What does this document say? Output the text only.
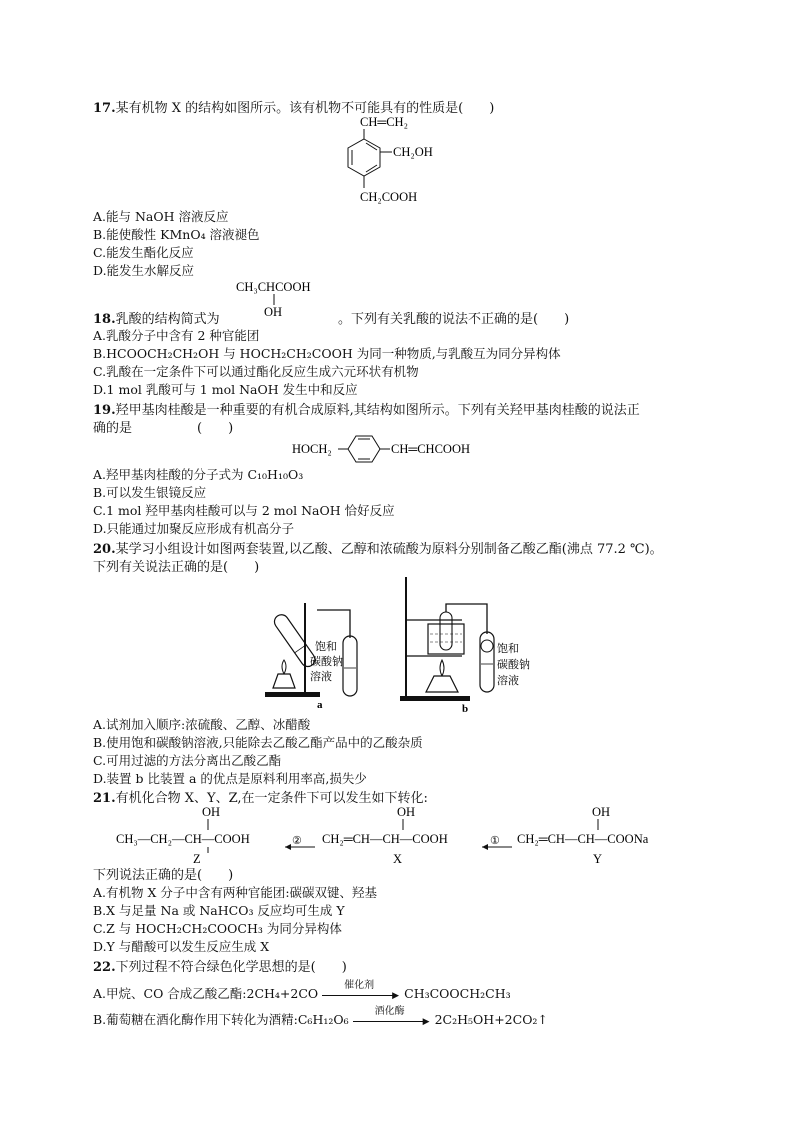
17.某有机物 X 的结构如图所示。该有机物不可能具有的性质是(　　)
CH═CH₂
CH₂OH
CH₂COOH
A.能与 NaOH 溶液反应
B.能使酸性 KMnO₄ 溶液褪色
C.能发生酯化反应
D.能发生水解反应
CH₃CHCOOH
OH
18.乳酸的结构简式为	。下列有关乳酸的说法不正确的是(　　)
A.乳酸分子中含有 2 种官能团
B.HCOOCH₂CH₂OH 与 HOCH₂CH₂COOH 为同一种物质,与乳酸互为同分异构体
C.乳酸在一定条件下可以通过酯化反应生成六元环状有机物
D.1 mol 乳酸可与 1 mol NaOH 发生中和反应
19.羟甲基肉桂酸是一种重要的有机合成原料,其结构如图所示。下列有关羟甲基肉桂酸的说法正
确的是　　　　　(　　)
HOCH₂	CH═CHCOOH
A.羟甲基肉桂酸的分子式为 C₁₀H₁₀O₃
B.可以发生银镜反应
C.1 mol 羟甲基肉桂酸可以与 2 mol NaOH 恰好反应
D.只能通过加聚反应形成有机高分子
20.某学习小组设计如图两套装置,以乙酸、乙醇和浓硫酸为原料分别制备乙酸乙酯(沸点 77.2 ℃)。
下列有关说法正确的是(　　)
饱和
碳酸钠
溶液
a
饱和
碳酸钠
溶液
b
A.试剂加入顺序:浓硫酸、乙醇、冰醋酸
B.使用饱和碳酸钠溶液,只能除去乙酸乙酯产品中的乙酸杂质
C.可用过滤的方法分离出乙酸乙酯
D.装置 b 比装置 a 的优点是原料利用率高,损失少
21.有机化合物 X、Y、Z,在一定条件下可以发生如下转化:
OH
CH₃—CH₂—CH—COOH
Z
②
OH
CH₂═CH—CH—COOH
X
①
OH
CH₂═CH—CH—COONa
Y
下列说法正确的是(　　)
A.有机物 X 分子中含有两种官能团:碳碳双键、羟基
B.X 与足量 Na 或 NaHCO₃ 反应均可生成 Y
C.Z 与 HOCH₂CH₂COOCH₃ 为同分异构体
D.Y 与醋酸可以发生反应生成 X
22.下列过程不符合绿色化学思想的是(　　)
A.甲烷、CO 合成乙酸乙酯:2CH₄+2CO
催化剂
▶ CH₃COOCH₂CH₃
B.葡萄糖在酒化酶作用下转化为酒精:C₆H₁₂O₆
酒化酶
▶ 2C₂H₅OH+2CO₂↑
